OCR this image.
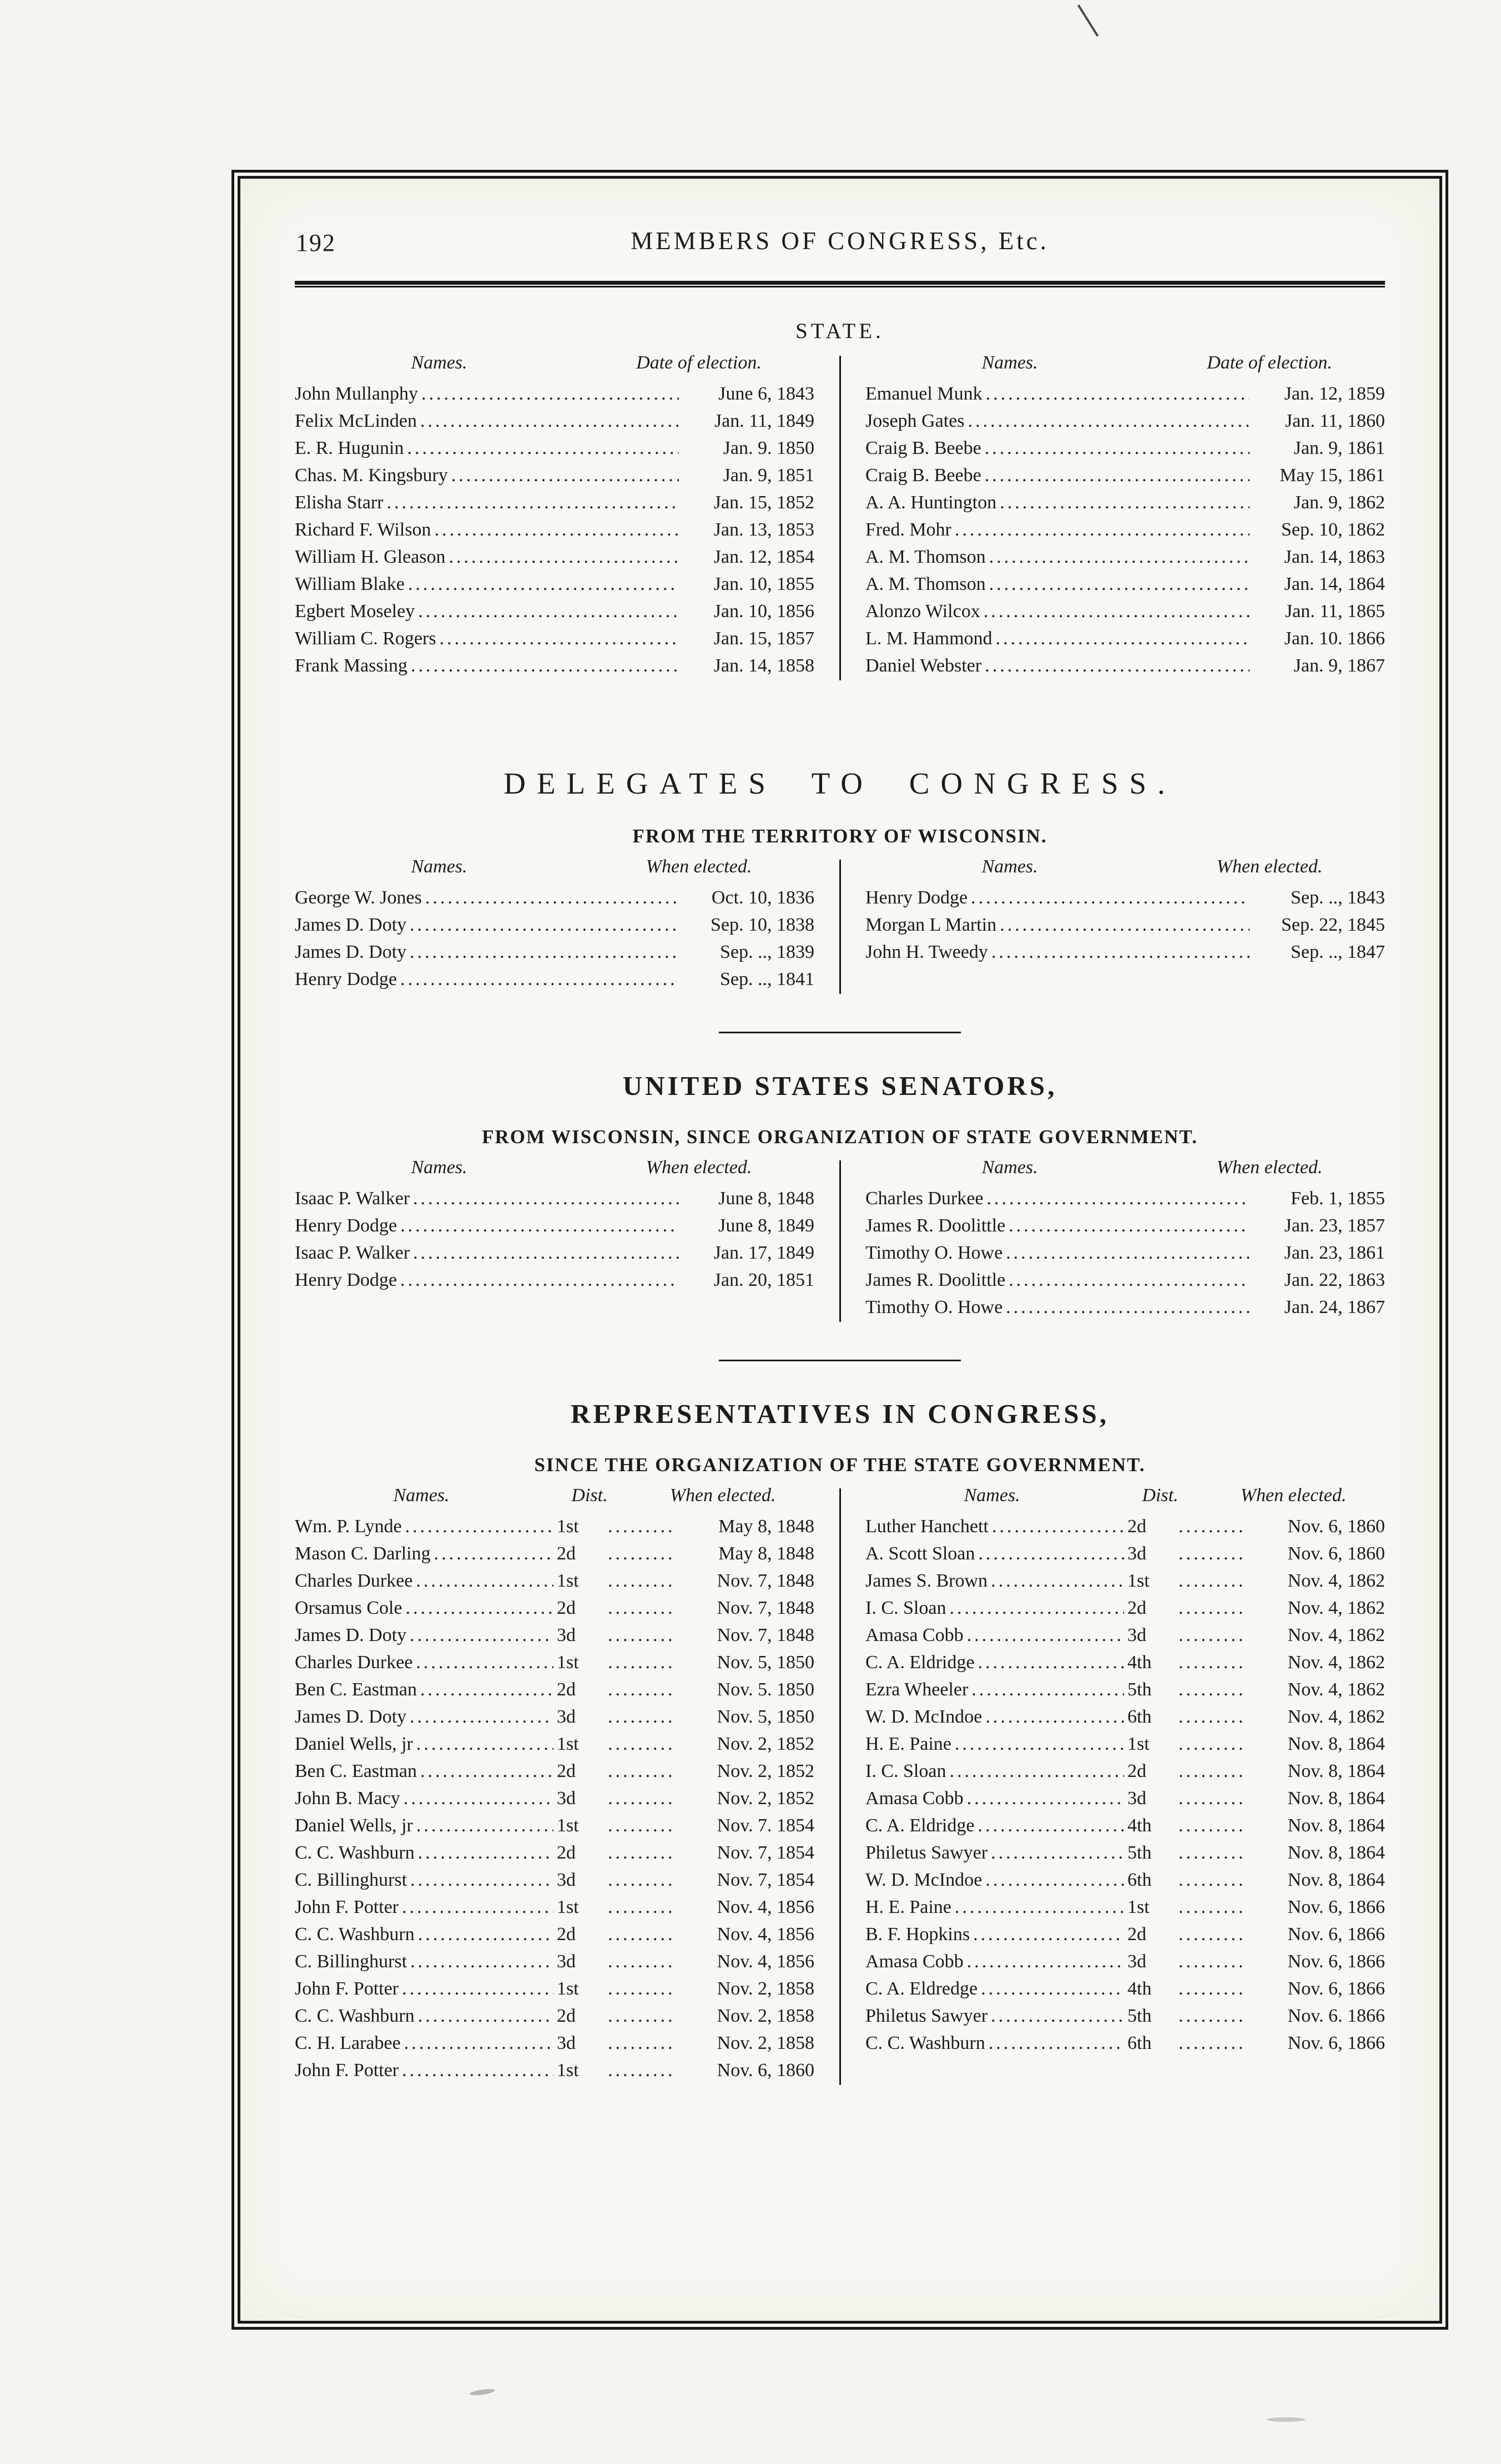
192	MEMBERS OF CONGRESS, Etc.
STATE.
Names.	Date of election.
John Mullanphy .....	June 6, 1843
Felix McLinden .....	Jan. 11, 1849
E. R. Hugunin .....	Jan. 9. 1850
Chas. M. Kingsbury .....	Jan. 9, 1851
Elisha Starr .....	Jan. 15, 1852
Richard F. Wilson .....	Jan. 13, 1853
William H. Gleason .....	Jan. 12, 1854
William Blake .....	Jan. 10, 1855
Egbert Moseley .....	Jan. 10, 1856
William C. Rogers .....	Jan. 15, 1857
Frank Massing .....	Jan. 14, 1858
Names.	Date of election.
Emanuel Munk .....	Jan. 12, 1859
Joseph Gates .....	Jan. 11, 1860
Craig B. Beebe .....	Jan. 9, 1861
Craig B. Beebe .....	May 15, 1861
A. A. Huntington .....	Jan. 9, 1862
Fred. Mohr .....	Sep. 10, 1862
A. M. Thomson .....	Jan. 14, 1863
A. M. Thomson .....	Jan. 14, 1864
Alonzo Wilcox .....	Jan. 11, 1865
L. M. Hammond .....	Jan. 10. 1866
Daniel Webster .....	Jan. 9, 1867
DELEGATES TO CONGRESS.
FROM THE TERRITORY OF WISCONSIN.
Names.	When elected.
George W. Jones .....	Oct. 10, 1836
James D. Doty .....	Sep. 10, 1838
James D. Doty .....	Sep. .., 1839
Henry Dodge .....	Sep. .., 1841
Names.	When elected.
Henry Dodge .....	Sep. .., 1843
Morgan L Martin .....	Sep. 22, 1845
John H. Tweedy .....	Sep. .., 1847
UNITED STATES SENATORS,
FROM WISCONSIN, SINCE ORGANIZATION OF STATE GOVERNMENT.
Names.	When elected.
Isaac P. Walker .....	June 8, 1848
Henry Dodge .....	June 8, 1849
Isaac P. Walker .....	Jan. 17, 1849
Henry Dodge .....	Jan. 20, 1851
Names.	When elected.
Charles Durkee .....	Feb. 1, 1855
James R. Doolittle .....	Jan. 23, 1857
Timothy O. Howe .....	Jan. 23, 1861
James R. Doolittle .....	Jan. 22, 1863
Timothy O. Howe .....	Jan. 24, 1867
REPRESENTATIVES IN CONGRESS,
SINCE THE ORGANIZATION OF THE STATE GOVERNMENT.
Names.	Dist.	When elected.
Wm. P. Lynde .....	1st .....	May 8, 1848
Mason C. Darling .....	2d .....	May 8, 1848
Charles Durkee .....	1st .....	Nov. 7, 1848
Orsamus Cole .....	2d .....	Nov. 7, 1848
James D. Doty .....	3d .....	Nov. 7, 1848
Charles Durkee .....	1st .....	Nov. 5, 1850
Ben C. Eastman .....	2d .....	Nov. 5. 1850
James D. Doty .....	3d .....	Nov. 5, 1850
Daniel Wells, jr .....	1st .....	Nov. 2, 1852
Ben C. Eastman .....	2d .....	Nov. 2, 1852
John B. Macy .....	3d .....	Nov. 2, 1852
Daniel Wells, jr .....	1st .....	Nov. 7. 1854
C. C. Washburn .....	2d .....	Nov. 7, 1854
C. Billinghurst .....	3d .....	Nov. 7, 1854
John F. Potter .....	1st .....	Nov. 4, 1856
C. C. Washburn .....	2d .....	Nov. 4, 1856
C. Billinghurst .....	3d .....	Nov. 4, 1856
John F. Potter .....	1st .....	Nov. 2, 1858
C. C. Washburn .....	2d .....	Nov. 2, 1858
C. H. Larabee .....	3d .....	Nov. 2, 1858
John F. Potter .....	1st .....	Nov. 6, 1860
Names.	Dist.	When elected.
Luther Hanchett .....	2d .....	Nov. 6, 1860
A. Scott Sloan .....	3d .....	Nov. 6, 1860
James S. Brown .....	1st .....	Nov. 4, 1862
I. C. Sloan .....	2d .....	Nov. 4, 1862
Amasa Cobb .....	3d .....	Nov. 4, 1862
C. A. Eldridge .....	4th .....	Nov. 4, 1862
Ezra Wheeler .....	5th .....	Nov. 4, 1862
W. D. McIndoe .....	6th .....	Nov. 4, 1862
H. E. Paine .....	1st .....	Nov. 8, 1864
I. C. Sloan .....	2d .....	Nov. 8, 1864
Amasa Cobb .....	3d .....	Nov. 8, 1864
C. A. Eldridge .....	4th .....	Nov. 8, 1864
Philetus Sawyer .....	5th .....	Nov. 8, 1864
W. D. McIndoe .....	6th .....	Nov. 8, 1864
H. E. Paine .....	1st .....	Nov. 6, 1866
B. F. Hopkins .....	2d .....	Nov. 6, 1866
Amasa Cobb .....	3d .....	Nov. 6, 1866
C. A. Eldredge .....	4th .....	Nov. 6, 1866
Philetus Sawyer .....	5th .....	Nov. 6. 1866
C. C. Washburn .....	6th .....	Nov. 6, 1866
